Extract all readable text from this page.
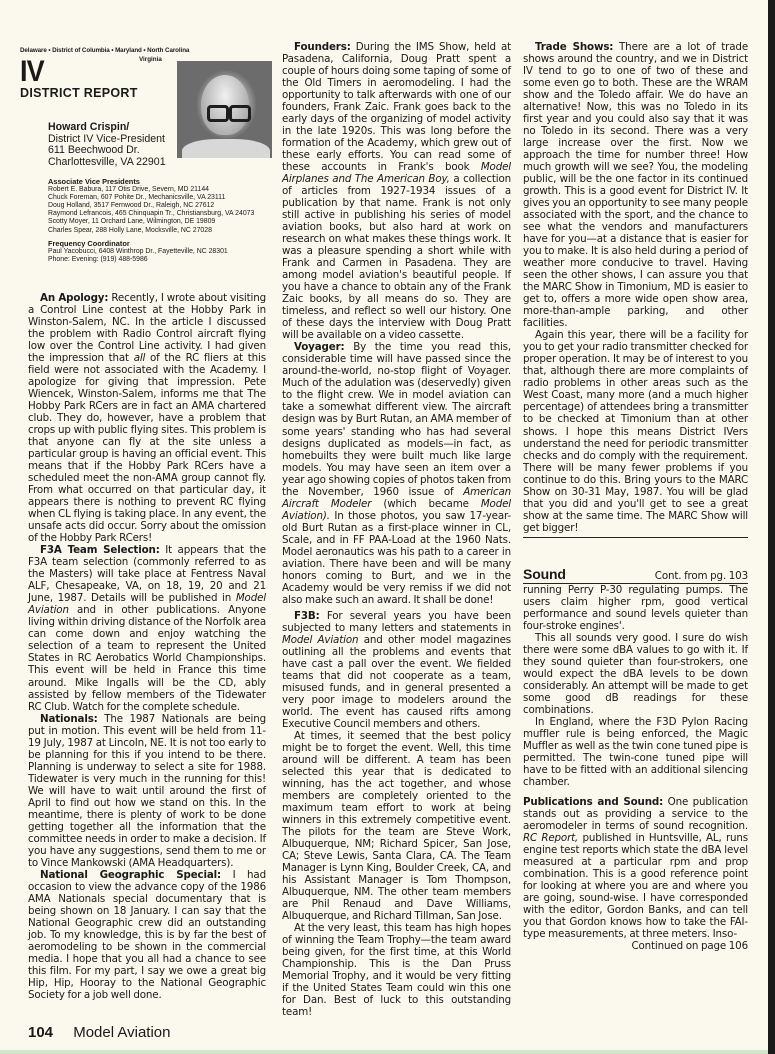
Delaware • District of Columbia • Maryland • North Carolina
Virginia
IV
DISTRICT REPORT
Howard Crispin/
District IV Vice-President
611 Beechwood Dr.
Charlottesville, VA 22901
Associate Vice Presidents
Robert E. Babura, 117 Otis Drive, Severn, MD 21144
Chuck Foreman, 607 Pohite Dr., Mechanicsville, VA 23111
Doug Holland, 3517 Fernwood Dr., Raleigh, NC 27612
Raymond Lefrancois, 465 Chinquapin Tr., Christiansburg, VA 24073
Scotty Moyer, 11 Orchard Lane, Wilmington, DE 19809
Charles Spear, 288 Holly Lane, Mocksville, NC 27028
Frequency Coordinator
Paul Yacobucci, 6408 Winthrop Dr., Fayetteville, NC 28301
Phone: Evening: (919) 488-5986

An Apology: Recently, I wrote about visiting a Control Line contest at the Hobby Park in Winston-Salem, NC. In the article I discussed the problem with Radio Control aircraft flying low over the Control Line activity. I had given the impression that all of the RC fliers at this field were not associated with the Academy. I apologize for giving that impression. Pete Wiencek, Winston-Salem, informs me that The Hobby Park RCers are in fact an AMA chartered club. They do, however, have a problem that crops up with public flying sites. This problem is that anyone can fly at the site unless a particular group is having an official event. This means that if the Hobby Park RCers have a scheduled meet the non-AMA group cannot fly. From what occurred on that particular day, it appears there is nothing to prevent RC flying when CL flying is taking place. In any event, the unsafe acts did occur. Sorry about the omission of the Hobby Park RCers!

F3A Team Selection: It appears that the F3A team selection (commonly referred to as the Masters) will take place at Fentress Naval ALF, Chesapeake, VA, on 18, 19, 20 and 21 June, 1987. Details will be published in Model Aviation and in other publications. Anyone living within driving distance of the Norfolk area can come down and enjoy watching the selection of a team to represent the United States in RC Aerobatics World Championships. This event will be held in France this time around. Mike Ingalls will be the CD, ably assisted by fellow members of the Tidewater RC Club. Watch for the complete schedule.

Nationals: The 1987 Nationals are being put in motion. This event will be held from 11-19 July, 1987 at Lincoln, NE. It is not too early to be planning for this if you intend to be there. Planning is underway to select a site for 1988. Tidewater is very much in the running for this! We will have to wait until around the first of April to find out how we stand on this. In the meantime, there is plenty of work to be done getting together all the information that the committee needs in order to make a decision. If you have any suggestions, send them to me or to Vince Mankowski (AMA Headquarters).

National Geographic Special: I had occasion to view the advance copy of the 1986 AMA Nationals special documentary that is being shown on 18 January. I can say that the National Geographic crew did an outstanding job. To my knowledge, this is by far the best of aeromodeling to be shown in the commercial media. I hope that you all had a chance to see this film. For my part, I say we owe a great big Hip, Hip, Hooray to the National Geographic Society for a job well done.

Founders: During the IMS Show, held at Pasadena, California, Doug Pratt spent a couple of hours doing some taping of some of the Old Timers in aeromodeling. I had the opportunity to talk afterwards with one of our founders, Frank Zaic. Frank goes back to the early days of the organizing of model activity in the late 1920s. This was long before the formation of the Academy, which grew out of these early efforts. You can read some of these accounts in Frank's book Model Airplanes and The American Boy, a collection of articles from 1927-1934 issues of a publication by that name. Frank is not only still active in publishing his series of model aviation books, but also hard at work on research on what makes these things work. It was a pleasure spending a short while with Frank and Carmen in Pasadena. They are among model aviation's beautiful people. If you have a chance to obtain any of the Frank Zaic books, by all means do so. They are timeless, and reflect so well our history. One of these days the interview with Doug Pratt will be available on a video cassette.

Voyager: By the time you read this, considerable time will have passed since the around-the-world, no-stop flight of Voyager. Much of the adulation was (deservedly) given to the flight crew. We in model aviation can take a somewhat different view. The aircraft design was by Burt Rutan, an AMA member of some years' standing who has had several designs duplicated as models—in fact, as homebuilts they were built much like large models. You may have seen an item over a year ago showing copies of photos taken from the November, 1960 issue of American Aircraft Modeler (which became Model Aviation). In those photos, you saw 17-year-old Burt Rutan as a first-place winner in CL, Scale, and in FF PAA-Load at the 1960 Nats. Model aeronautics was his path to a career in aviation. There have been and will be many honors coming to Burt, and we in the Academy would be very remiss if we did not also make such an award. It shall be done!

F3B: For several years you have been subjected to many letters and statements in Model Aviation and other model magazines outlining all the problems and events that have cast a pall over the event. We fielded teams that did not cooperate as a team, misused funds, and in general presented a very poor image to modelers around the world. The event has caused rifts among Executive Council members and others.

At times, it seemed that the best policy might be to forget the event. Well, this time around will be different. A team has been selected this year that is dedicated to winning, has the act together, and whose members are completely oriented to the maximum team effort to work at being winners in this extremely competitive event. The pilots for the team are Steve Work, Albuquerque, NM; Richard Spicer, San Jose, CA; Steve Lewis, Santa Clara, CA. The Team Manager is Lynn King, Boulder Creek, CA, and his Assistant Manager is Tom Thompson, Albuquerque, NM. The other team members are Phil Renaud and Dave Williams, Albuquerque, and Richard Tillman, San Jose.

At the very least, this team has high hopes of winning the Team Trophy—the team award being given, for the first time, at this World Championship. This is the Dan Pruss Memorial Trophy, and it would be very fitting if the United States Team could win this one for Dan. Best of luck to this outstanding team!

Trade Shows: There are a lot of trade shows around the country, and we in District IV tend to go to one of two of these and some even go to both. These are the WRAM show and the Toledo affair. We do have an alternative! Now, this was no Toledo in its first year and you could also say that it was no Toledo in its second. There was a very large increase over the first. Now we approach the time for number three! How much growth will we see? You, the modeling public, will be the one factor in its continued growth. This is a good event for District IV. It gives you an opportunity to see many people associated with the sport, and the chance to see what the vendors and manufacturers have for you—at a distance that is easier for you to make. It is also held during a period of weather more conducive to travel. Having seen the other shows, I can assure you that the MARC Show in Timonium, MD is easier to get to, offers a more wide open show area, more-than-ample parking, and other facilities.

Again this year, there will be a facility for you to get your radio transmitter checked for proper operation. It may be of interest to you that, although there are more complaints of radio problems in other areas such as the West Coast, many more (and a much higher percentage) of attendees bring a transmitter to be checked at Timonium than at other shows. I hope this means District IVers understand the need for periodic transmitter checks and do comply with the requirement. There will be many fewer problems if you continue to do this. Bring yours to the MARC Show on 30-31 May, 1987. You will be glad that you did and you'll get to see a great show at the same time. The MARC Show will get bigger!

Sound	Cont. from pg. 103

running Perry P-30 regulating pumps. The users claim higher rpm, good vertical performance and sound levels quieter than four-stroke engines'.

This all sounds very good. I sure do wish there were some dBA values to go with it. If they sound quieter than four-strokers, one would expect the dBA levels to be down considerably. An attempt will be made to get some good dB readings for these combinations.

In England, where the F3D Pylon Racing muffler rule is being enforced, the Magic Muffler as well as the twin cone tuned pipe is permitted. The twin-cone tuned pipe will have to be fitted with an additional silencing chamber.

Publications and Sound: One publication stands out as providing a service to the aeromodeler in terms of sound recognition. RC Report, published in Huntsville, AL, runs engine test reports which state the dBA level measured at a particular rpm and prop combination. This is a good reference point for looking at where you are and where you are going, sound-wise. I have corresponded with the editor, Gordon Banks, and can tell you that Gordon knows how to take the FAI-type measurements, at three meters. Inso-

Continued on page 106
104 Model Aviation
